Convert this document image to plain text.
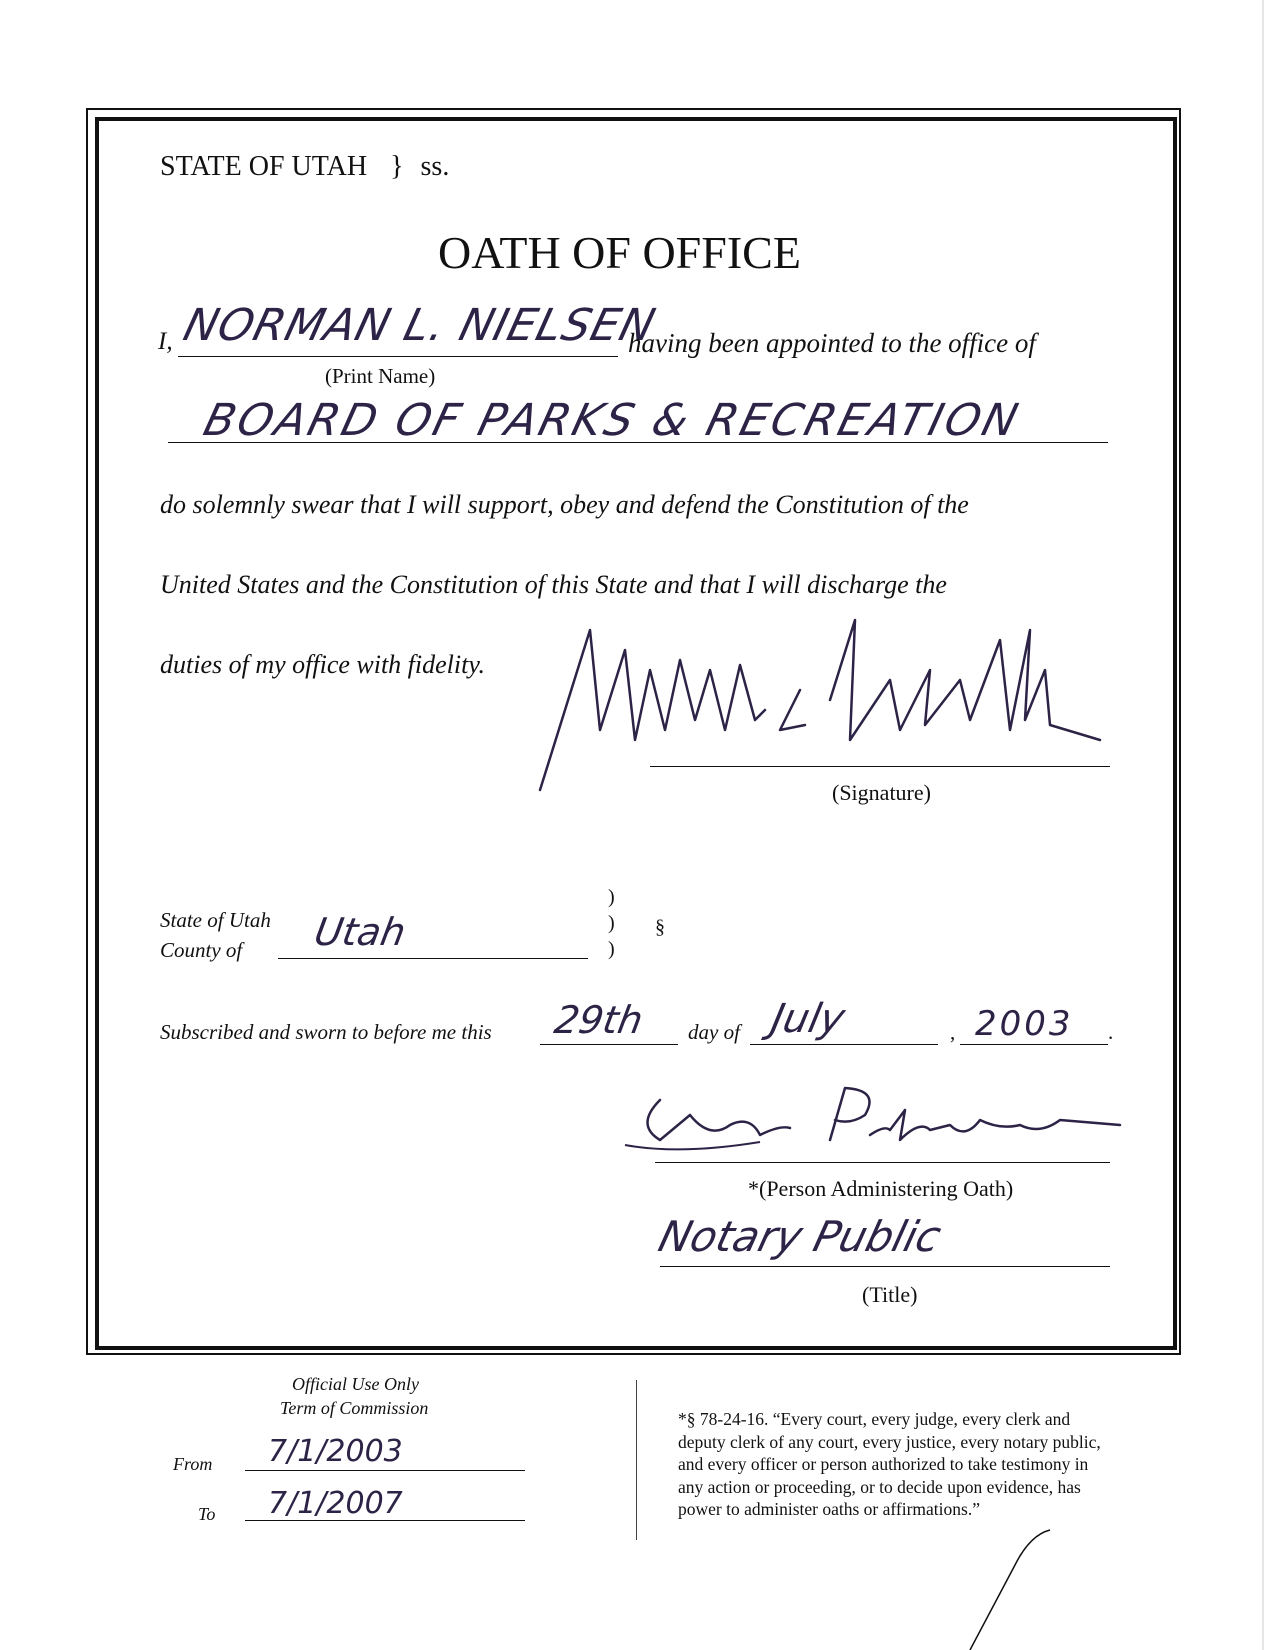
STATE OF UTAH } ss.
OATH OF OFFICE
I, NORMAN L. NIELSEN
having been appointed to the office of
(Print Name)
BOARD OF PARKS & RECREATION
do solemnly swear that I will support, obey and defend the Constitution of the
United States and the Constitution of this State and that I will discharge the
duties of my office with fidelity.
(Signature)
State of Utah
County of Utah
)
)
)
§
Subscribed and sworn to before me this 29th day of July	, 2003 .
*(Person Administering Oath)
Notary Public
(Title)
Official Use Only
Term of Commission
From 7/1/2003
To 7/1/2007
*§ 78-24-16. “Every court, every judge, every clerk and
deputy clerk of any court, every justice, every notary public,
and every officer or person authorized to take testimony in
any action or proceeding, or to decide upon evidence, has
power to administer oaths or affirmations.”
